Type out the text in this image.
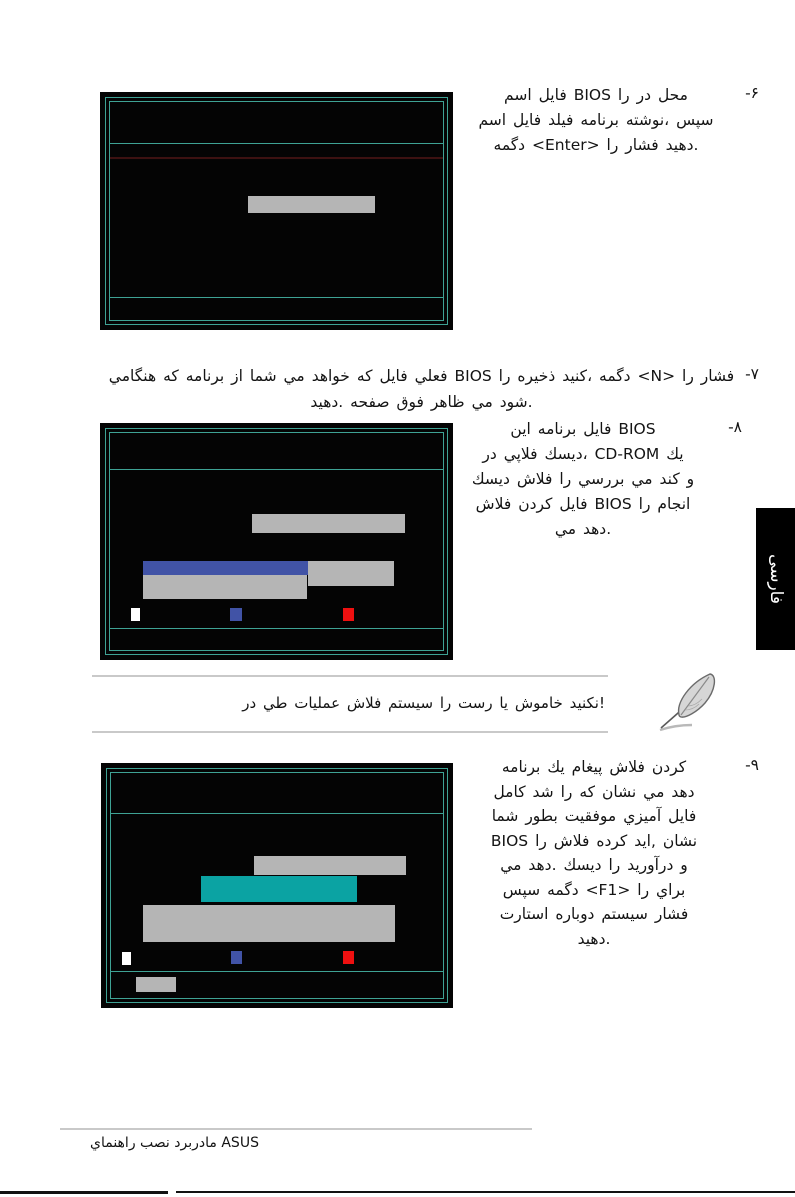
-۶
اسم فايل BIOS را در محل
اسم فايل فيلد برنامه نوشته، سپس
دگمه <Enter> را فشار دهيد.
-۷
هنگامي كه برنامه از شما مي خواهد كه فايل فعلي BIOS را ذخيره كنيد، دگمه <N> را فشار
دهيد. صفحه فوق ظاهر مي شود.
-۸
اين برنامه فايل BIOS
در فلاپي ديسك، CD-ROM يك
ديسك فلاش را بررسي مي كند و
فلاش كردن فايل BIOS را انجام
مي دهد.
در طي عمليات فلاش سيستم را رست يا خاموش نكنيد!
-۹
برنامه يك پيغام فلاش كردن
كامل شد را كه نشان مي دهد
شما بطور موفقيت آميزي فايل
BIOS را فلاش كرده ايد, نشان
مي دهد. ديسك را درآوريد و
سپس دگمه <F1> را براي
استارت دوباره سيستم فشار
دهيد.
فارسى
راهنماي نصب مادربرد ASUS
